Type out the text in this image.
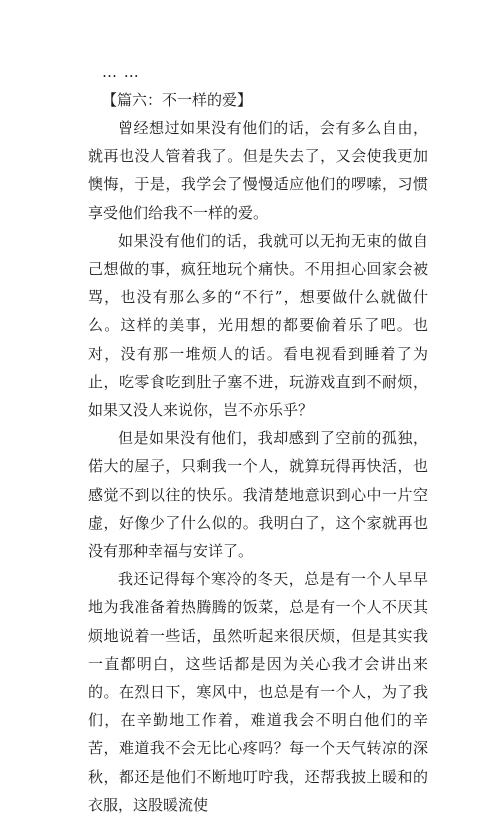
… …
【篇六：不一样的爱】

曾经想过如果没有他们的话，会有多么自由，就再也没人管着我了。但是失去了，又会使我更加懊悔，于是，我学会了慢慢适应他们的啰嗦，习惯享受他们给我不一样的爱。

如果没有他们的话，我就可以无拘无束的做自己想做的事，疯狂地玩个痛快。不用担心回家会被骂，也没有那么多的“不行”，想要做什么就做什么。这样的美事，光用想的都要偷着乐了吧。也对，没有那一堆烦人的话。看电视看到睡着了为止，吃零食吃到肚子塞不进，玩游戏直到不耐烦，如果又没人来说你，岂不亦乐乎？

但是如果没有他们，我却感到了空前的孤独，偌大的屋子，只剩我一个人，就算玩得再快活，也感觉不到以往的快乐。我清楚地意识到心中一片空虚，好像少了什么似的。我明白了，这个家就再也没有那种幸福与安详了。

我还记得每个寒冷的冬天，总是有一个人早早地为我准备着热腾腾的饭菜，总是有一个人不厌其烦地说着一些话，虽然听起来很厌烦，但是其实我一直都明白，这些话都是因为关心我才会讲出来的。在烈日下，寒风中，也总是有一个人，为了我们，在辛勤地工作着，难道我会不明白他们的辛苦，难道我不会无比心疼吗？每一个天气转凉的深秋，都还是他们不断地叮咛我，还帮我披上暖和的衣服，这股暖流使
